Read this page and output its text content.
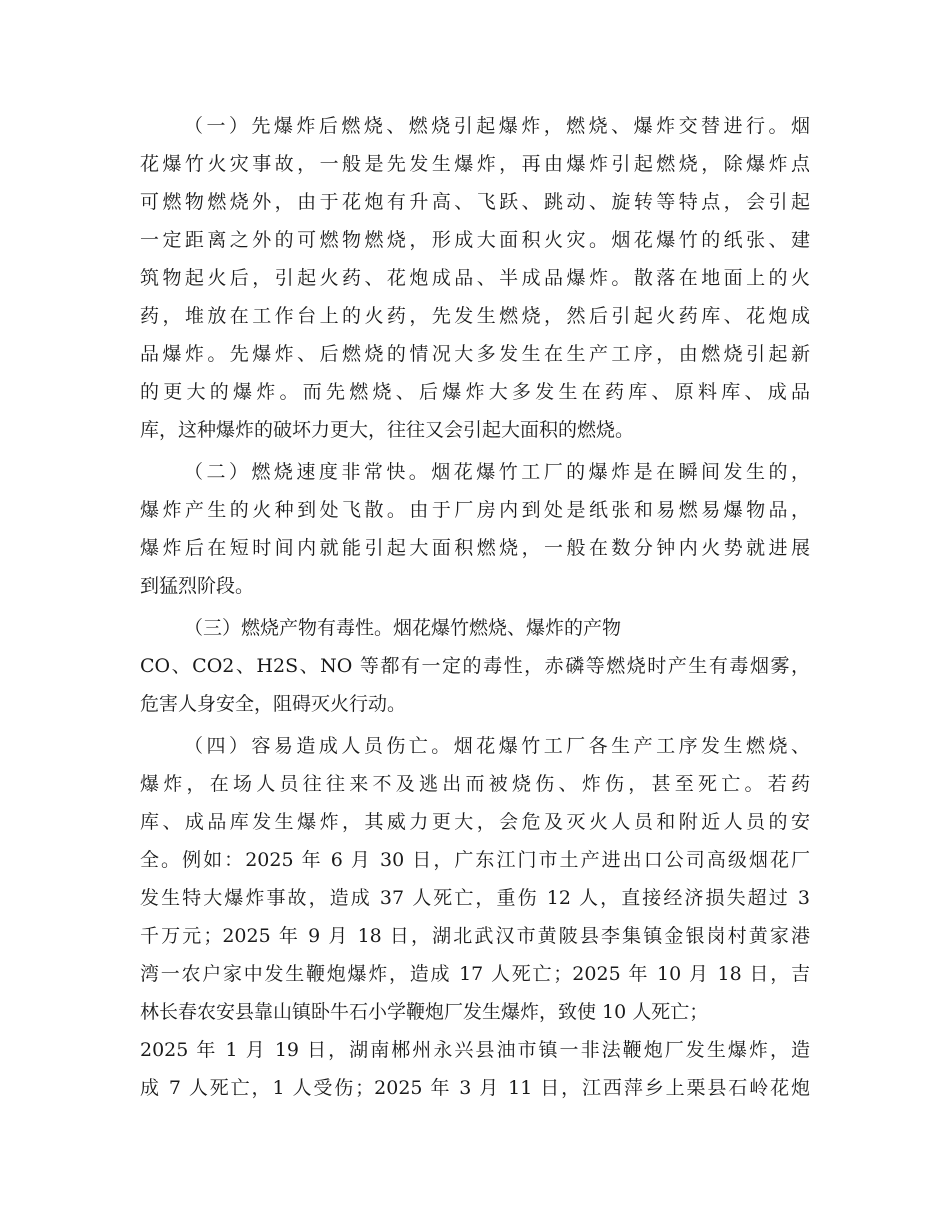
（一）先爆炸后燃烧、燃烧引起爆炸，燃烧、爆炸交替进行。烟
花爆竹火灾事故，一般是先发生爆炸，再由爆炸引起燃烧，除爆炸点
可燃物燃烧外，由于花炮有升高、飞跃、跳动、旋转等特点，会引起
一定距离之外的可燃物燃烧，形成大面积火灾。烟花爆竹的纸张、建
筑物起火后，引起火药、花炮成品、半成品爆炸。散落在地面上的火
药，堆放在工作台上的火药，先发生燃烧，然后引起火药库、花炮成
品爆炸。先爆炸、后燃烧的情况大多发生在生产工序，由燃烧引起新
的更大的爆炸。而先燃烧、后爆炸大多发生在药库、原料库、成品
库，这种爆炸的破坏力更大，往往又会引起大面积的燃烧。
（二）燃烧速度非常快。烟花爆竹工厂的爆炸是在瞬间发生的，
爆炸产生的火种到处飞散。由于厂房内到处是纸张和易燃易爆物品，
爆炸后在短时间内就能引起大面积燃烧，一般在数分钟内火势就进展
到猛烈阶段。
（三）燃烧产物有毒性。烟花爆竹燃烧、爆炸的产物
CO、CO2、H2S、NO 等都有一定的毒性，赤磷等燃烧时产生有毒烟雾，
危害人身安全，阻碍灭火行动。
（四）容易造成人员伤亡。烟花爆竹工厂各生产工序发生燃烧、
爆炸，在场人员往往来不及逃出而被烧伤、炸伤，甚至死亡。若药
库、成品库发生爆炸，其威力更大，会危及灭火人员和附近人员的安
全。例如：2025 年 6 月 30 日，广东江门市土产进出口公司高级烟花厂
发生特大爆炸事故，造成 37 人死亡，重伤 12 人，直接经济损失超过 3
千万元；2025 年 9 月 18 日，湖北武汉市黄陂县李集镇金银岗村黄家港
湾一农户家中发生鞭炮爆炸，造成 17 人死亡；2025 年 10 月 18 日，吉
林长春农安县靠山镇卧牛石小学鞭炮厂发生爆炸，致使 10 人死亡；
2025 年 1 月 19 日，湖南郴州永兴县油市镇一非法鞭炮厂发生爆炸，造
成 7 人死亡，1 人受伤；2025 年 3 月 11 日，江西萍乡上栗县石岭花炮
